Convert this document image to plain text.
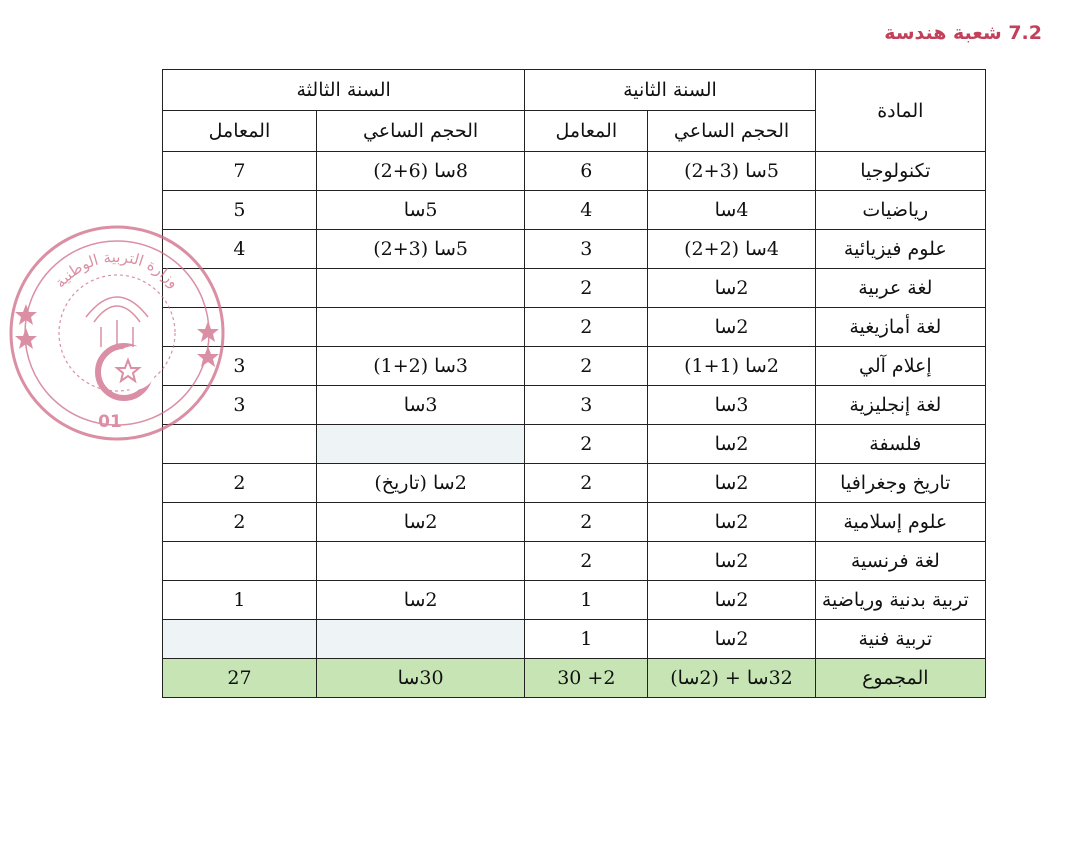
7.2 شعبة هندسة
المادة	السنة الثانية		السنة الثالثة	
	الحجم الساعي	المعامل	الحجم الساعي	المعامل
تكنولوجيا	5سا (3+2)	6	8سا (6+2)	7
رياضيات	4سا	4	5سا	5
علوم فيزيائية	4سا (2+2)	3	5سا (3+2)	4
لغة عربية	2سا	2		
لغة أمازيغية	2سا	2		
إعلام آلي	2سا (1+1)	2	3سا (2+1)	3
لغة إنجليزية	3سا	3	3سا	3
فلسفة	2سا	2		
تاريخ وجغرافيا	2سا	2	2سا (تاريخ)	2
علوم إسلامية	2سا	2	2سا	2
لغة فرنسية	2سا	2		
تربية بدنية ورياضية	2سا	1	2سا	1
تربية فنية	2سا	1		
المجموع	32سا + (2سا)	30 +2	30سا	27
وزارة التربية الوطنية
01
